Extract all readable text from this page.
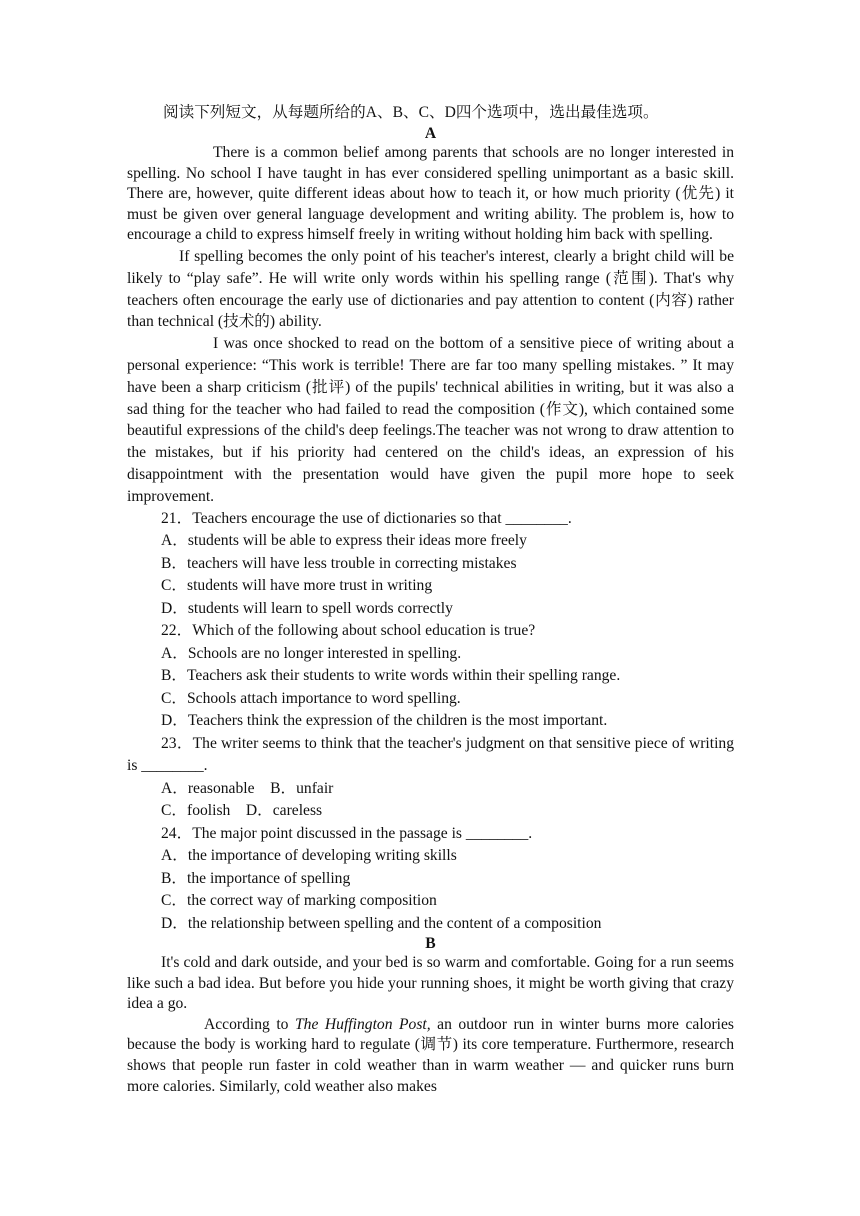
阅读下列短文，从每题所给的A、B、C、D四个选项中，选出最佳选项。

A

There is a common belief among parents that schools are no longer interested in spelling. No school I have taught in has ever considered spelling unimportant as a basic skill. There are, however, quite different ideas about how to teach it, or how much priority (优先) it must be given over general language development and writing ability. The problem is, how to encourage a child to express himself freely in writing without holding him back with spelling.

If spelling becomes the only point of his teacher's interest, clearly a bright child will be likely to “play safe”. He will write only words within his spelling range (范围). That's why teachers often encourage the early use of dictionaries and pay attention to content (内容) rather than technical (技术的) ability.

I was once shocked to read on the bottom of a sensitive piece of writing about a personal experience: “This work is terrible! There are far too many spelling mistakes. ” It may have been a sharp criticism (批评) of the pupils' technical abilities in writing, but it was also a sad thing for the teacher who had failed to read the composition (作文), which contained some beautiful expressions of the child's deep feelings.The teacher was not wrong to draw attention to the mistakes, but if his priority had centered on the child's ideas, an expression of his disappointment with the presentation would have given the pupil more hope to seek improvement.

21．Teachers encourage the use of dictionaries so that ________.

A．students will be able to express their ideas more freely

B．teachers will have less trouble in correcting mistakes

C．students will have more trust in writing

D．students will learn to spell words correctly

22．Which of the following about school education is true?

A．Schools are no longer interested in spelling.

B．Teachers ask their students to write words within their spelling range.

C．Schools attach importance to word spelling.

D．Teachers think the expression of the children is the most important.

23．The writer seems to think that the teacher's judgment on that sensitive piece of writing is ________.

A．reasonable　B．unfair

C．foolish　D．careless

24．The major point discussed in the passage is ________.

A．the importance of developing writing skills

B．the importance of spelling

C．the correct way of marking composition

D．the relationship between spelling and the content of a composition

B

It's cold and dark outside, and your bed is so warm and comfortable. Going for a run seems like such a bad idea. But before you hide your running shoes, it might be worth giving that crazy idea a go.

According to The Huffington Post, an outdoor run in winter burns more calories because the body is working hard to regulate (调节) its core temperature. Furthermore, research shows that people run faster in cold weather than in warm weather — and quicker runs burn more calories. Similarly, cold weather also makes
